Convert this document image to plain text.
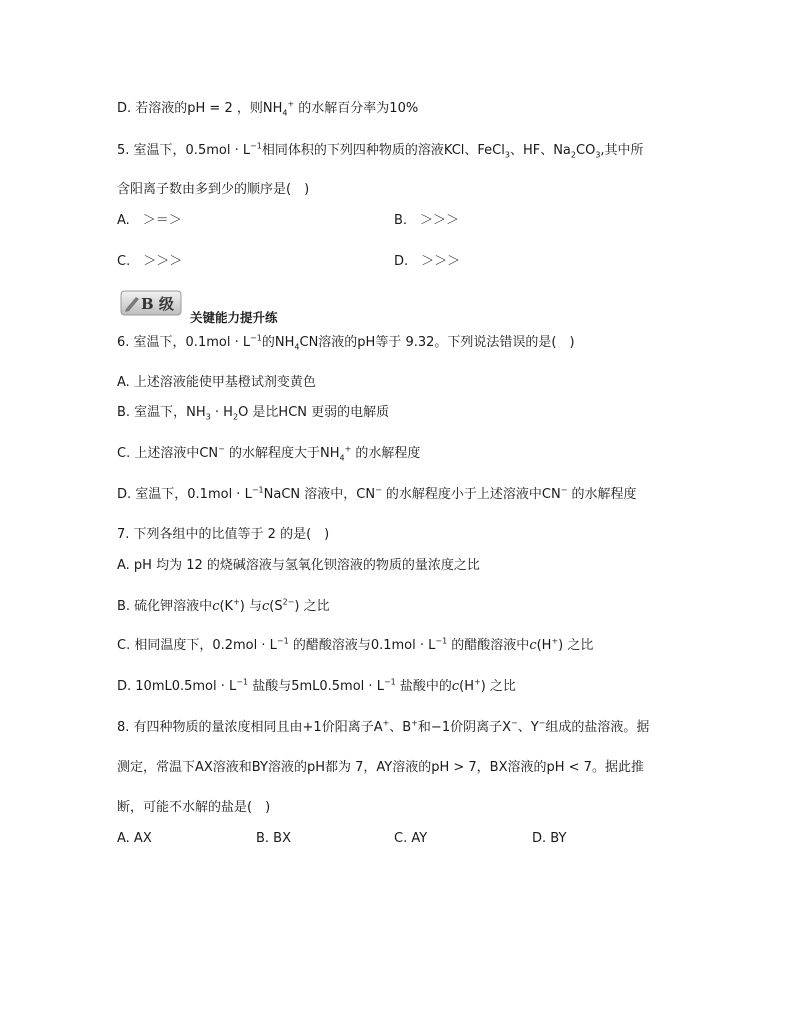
D. 若溶液的pH = 2 ，则$NH_4^+$ 的水解百分率为10%
5. 室温下，$0.5mol \cdot L^{-1}$相同体积的下列四种物质的溶液KCl、FeCl$_3$、HF、$Na_2CO_3$,其中所
含阳离子数由多到少的顺序是(　)
A.　＞＝＞	B.　＞＞＞
C.　＞＞＞	D.　＞＞＞
B 级
关键能力提升练
6. 室温下，$0.1mol \cdot L^{-1}$的$NH_4CN$溶液的pH等于 9.32。下列说法错误的是(　)
A. 上述溶液能使甲基橙试剂变黄色
B. 室温下，$NH_3 \cdot H_2O$ 是比HCN 更弱的电解质
C. 上述溶液中CN− 的水解程度大于$NH_4^+$ 的水解程度
D. 室温下，$0.1mol \cdot L^{-1}NaCN$ 溶液中，CN− 的水解程度小于上述溶液中CN− 的水解程度
7. 下列各组中的比值等于 2 的是(　)
A. pH 均为 12 的烧碱溶液与氢氧化钡溶液的物质的量浓度之比
B. 硫化钾溶液中c(K+) 与$c(S^{2-})$ 之比
C. 相同温度下，$0.2mol \cdot L^{-1}$ 的醋酸溶液与$0.1mol \cdot L^{-1}$ 的醋酸溶液中c(H+) 之比
D. $10mL0.5mol \cdot L^{-1}$ 盐酸与$5mL0.5mol \cdot L^{-1}$ 盐酸中的c(H+) 之比
8. 有四种物质的量浓度相同且由+1价阳离子A+、B+和−1价阴离子X−、Y−组成的盐溶液。据
测定，常温下AX溶液和BY溶液的pH都为 7，AY溶液的pH > 7，BX溶液的pH < 7。据此推
断，可能不水解的盐是(　)
A. AX	B. BX	C. AY	D. BY
